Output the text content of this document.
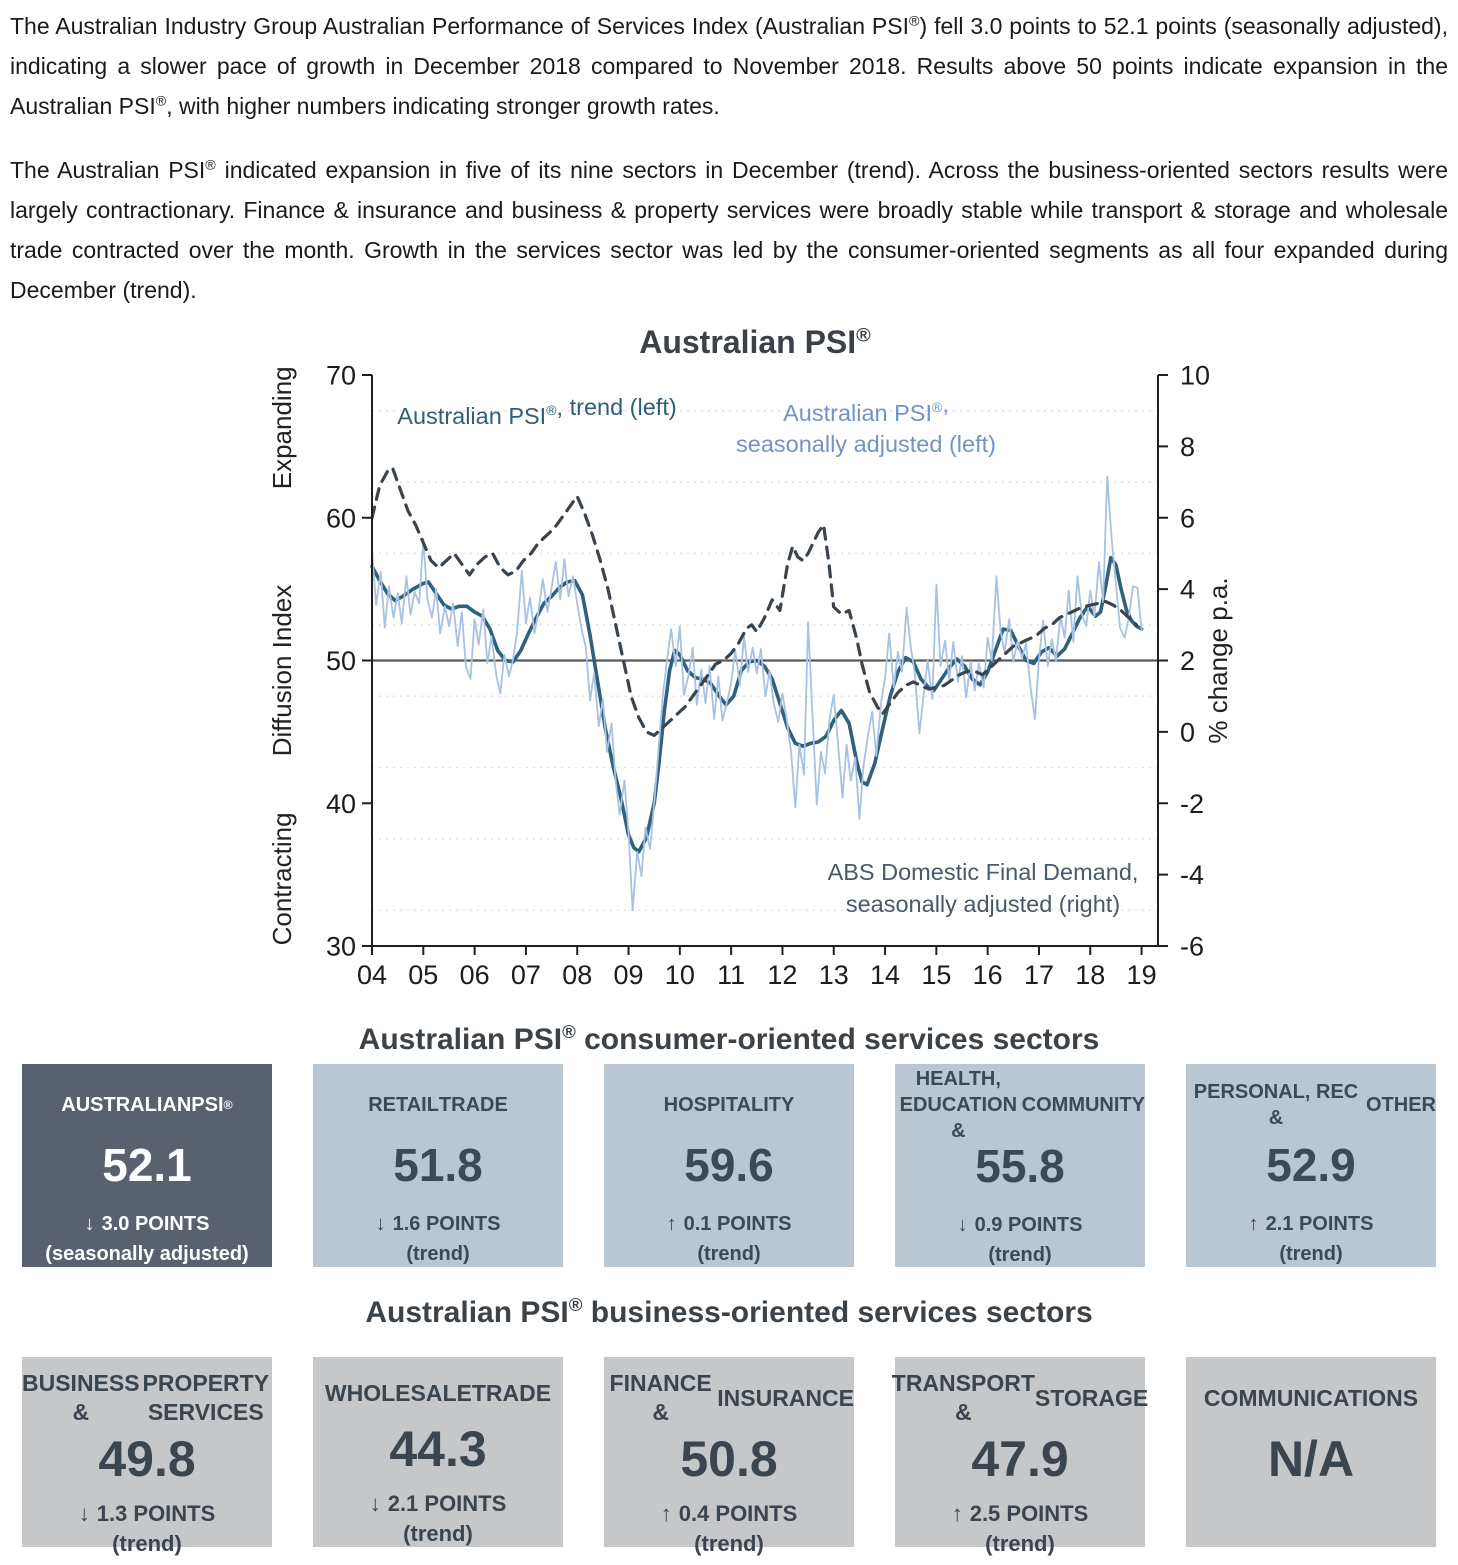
The Australian Industry Group Australian Performance of Services Index (Australian PSI®) fell 3.0 points to 52.1 points (seasonally adjusted), indicating a slower pace of growth in December 2018 compared to November 2018. Results above 50 points indicate expansion in the Australian PSI®, with higher numbers indicating stronger growth rates.

The Australian PSI® indicated expansion in five of its nine sectors in December (trend). Across the business-oriented sectors results were largely contractionary. Finance & insurance and business & property services were broadly stable while transport & storage and wholesale trade contracted over the month. Growth in the services sector was led by the consumer-oriented segments as all four expanded during December (trend).

Australian PSI®
70
60
50
40
30
10
8
6
4
2
0
-2
-4
-6
04 05 06 07 08 09 10 11 12 13 14 15 16 17 18 19
Expanding
Diffusion Index
Contracting
% change p.a.
Australian PSI®, trend (left)	Australian PSI®,
seasonally adjusted (left)
ABS Domestic Final Demand,
seasonally adjusted (right)
Australian PSI® consumer-oriented services sectors
AUSTRALIAN PSI ®
52.1
↓ 3.0 POINTS
(seasonally adjusted)
RETAIL TRADE
51.8
↓ 1.6 POINTS
(trend)
HOSPITALITY
59.6
↑ 0.1 POINTS
(trend)
HEALTH, EDUCATION &

COMMUNITY
55.8
↓ 0.9 POINTS
(trend)
PERSONAL, REC &

OTHER
52.9
↑ 2.1 POINTS
(trend)
Australian PSI® business-oriented services sectors
BUSINESS &

PROPERTY SERVICES
49.8
↓ 1.3 POINTS
(trend)
WHOLESALE TRADE
44.3
↓ 2.1 POINTS
(trend)
FINANCE &

INSURANCE
50.8
↑ 0.4 POINTS
(trend)
TRANSPORT &

STORAGE
47.9
↑ 2.5 POINTS
(trend)
COMMUNICATIONS
N/A
